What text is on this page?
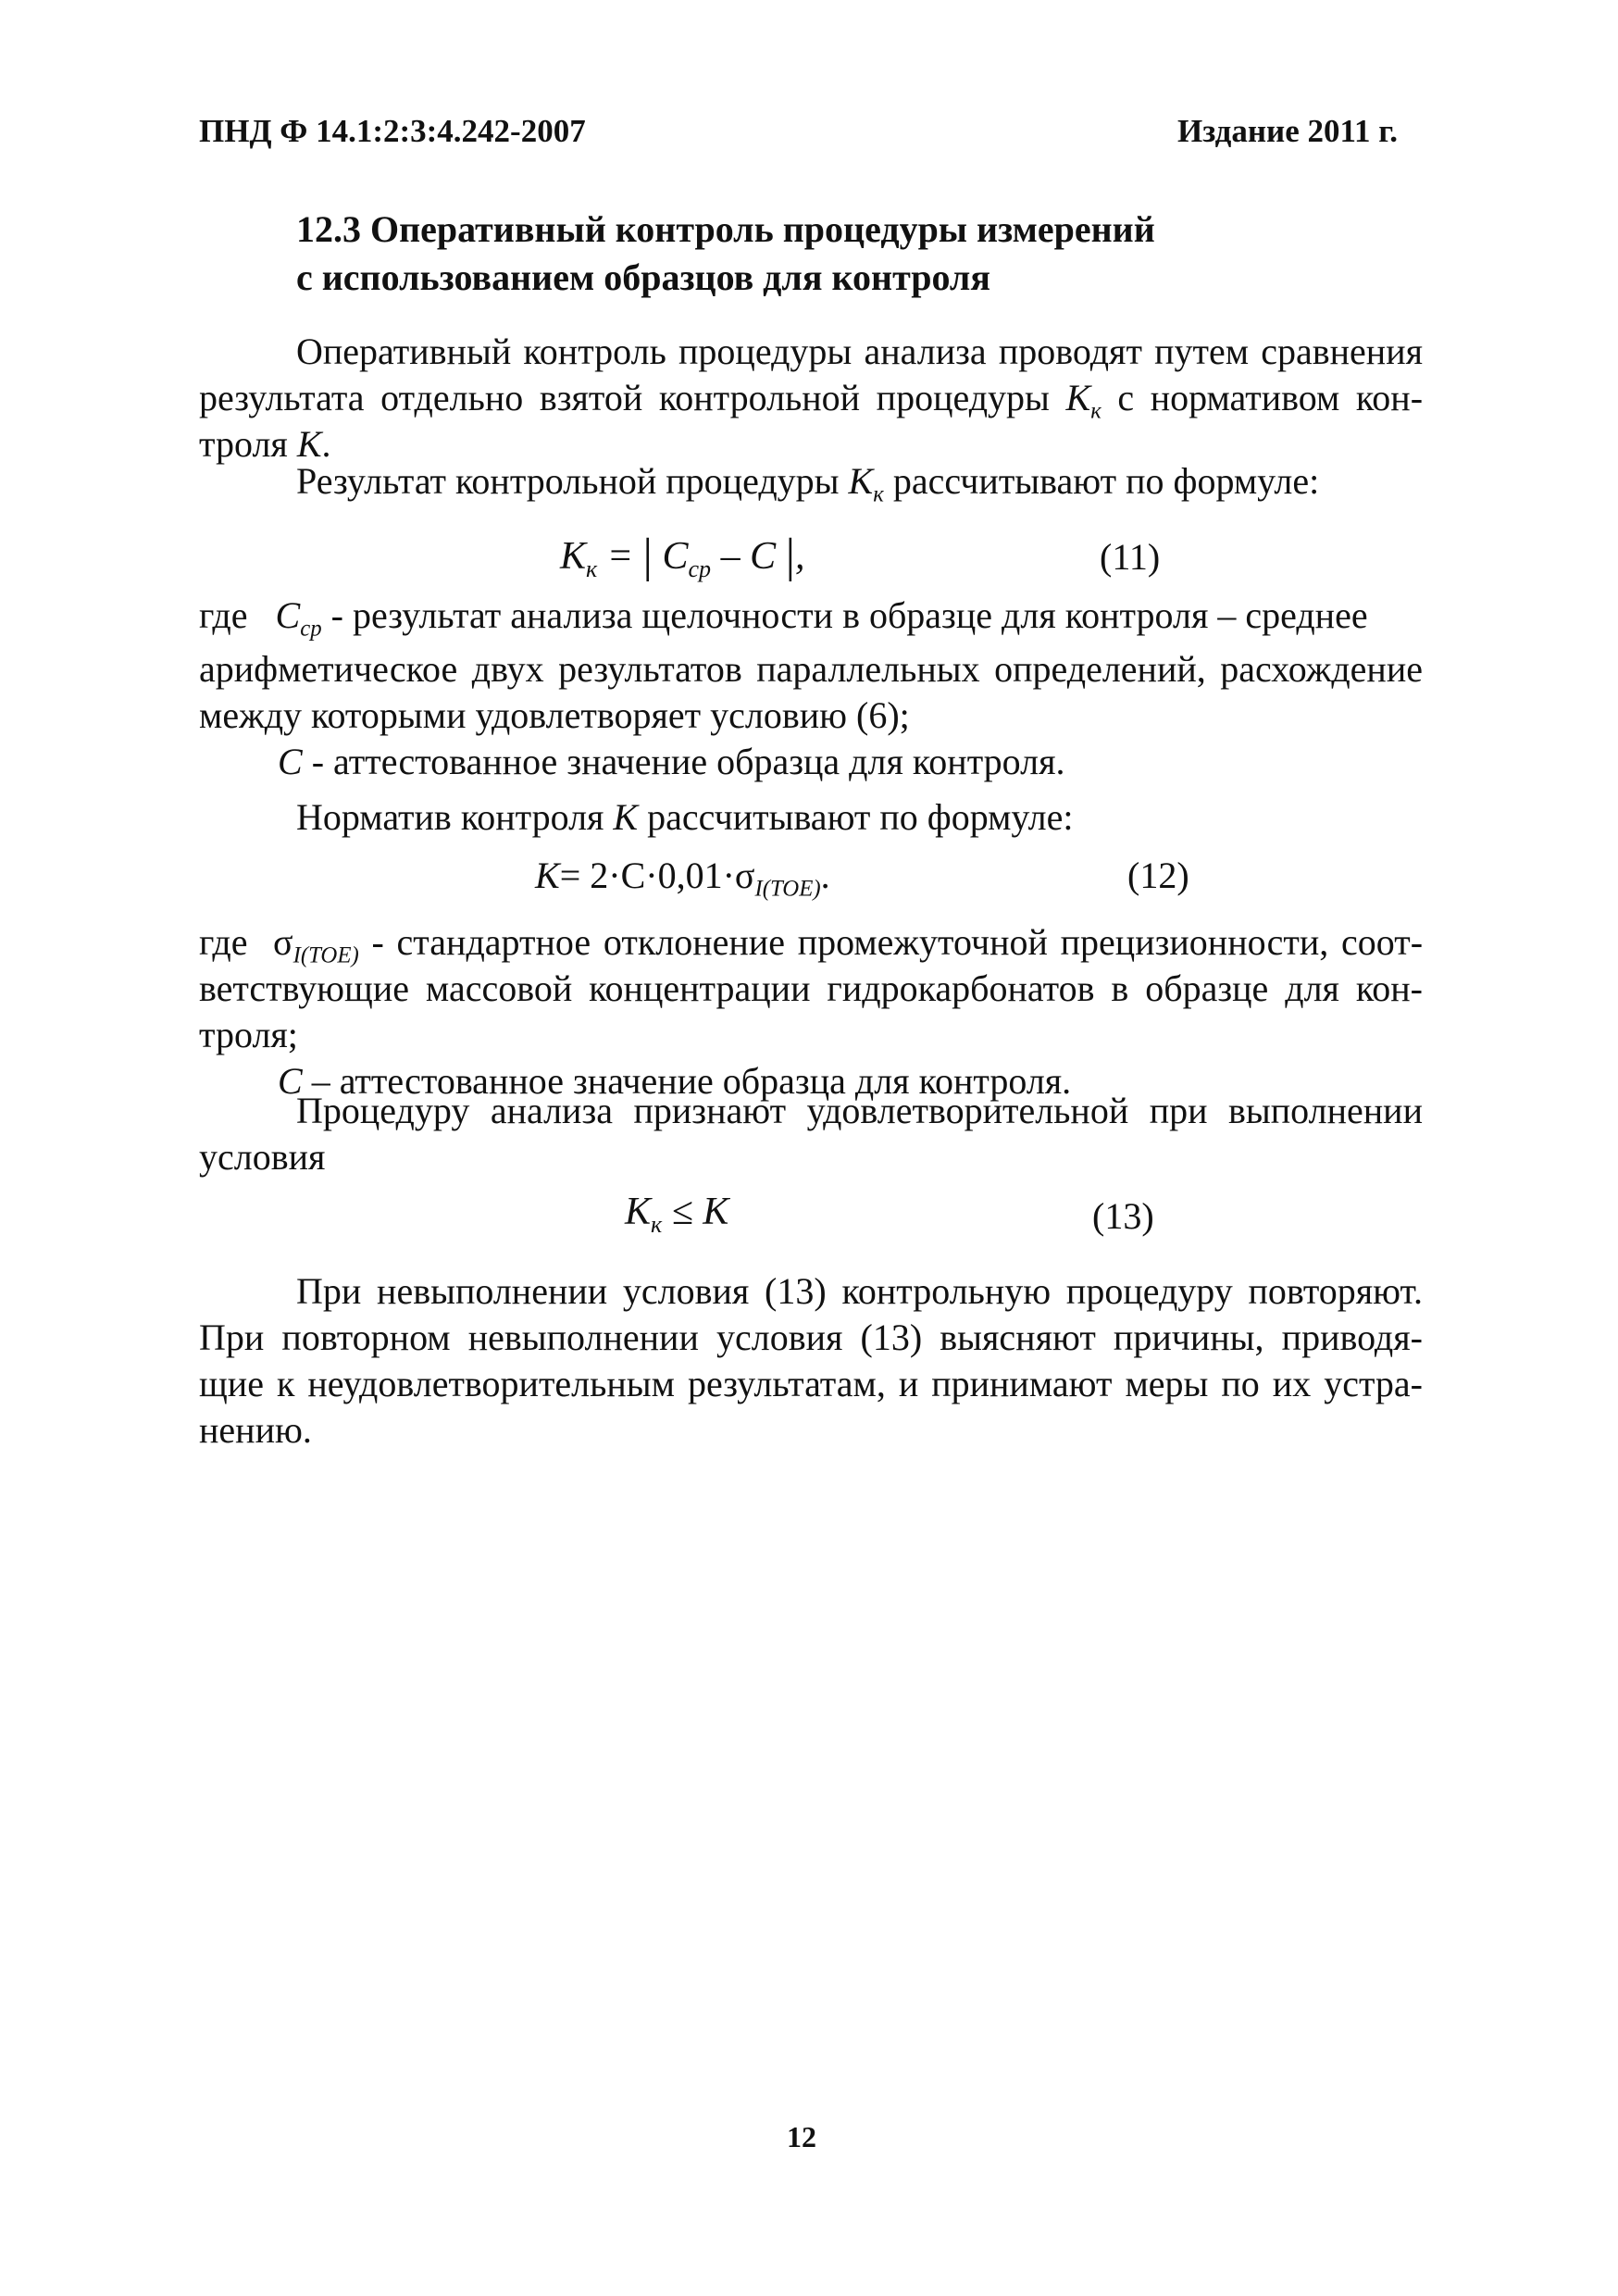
ПНД Ф 14.1:2:3:4.242-2007	Издание 2011 г.
12.3 Оперативный контроль процедуры измерений
с использованием образцов для контроля
Оперативный контроль процедуры анализа проводят путем сравнения
результата отдельно взятой контрольной процедуры $K_к$ с нормативом кон-
троля K.
Результат контрольной процедуры $K_к$ рассчитывают по формуле:
$K_к$ = | $C_{ср}$ – C |,	(11)
где $C_{ср}$ - результат анализа щелочности в образце для контроля – среднее
арифметическое двух результатов параллельных определений, расхождение
между которыми удовлетворяет условию (6);
C - аттестованное значение образца для контроля.
Норматив контроля K рассчитывают по формуле:
$K= 2\cdot C\cdot 0,01\cdot\sigma_{I(TOE)}$.	(12)
где  $\sigma_{I(TOE)}$ - стандартное отклонение промежуточной прецизионности, соот-
ветствующие массовой концентрации гидрокарбонатов в образце для кон-
троля;
C – аттестованное значение образца для контроля.
Процедуру анализа признают удовлетворительной при выполнении
условия
$K_к \le K$	(13)
При невыполнении условия (13) контрольную процедуру повторяют.
При повторном невыполнении условия (13) выясняют причины, приводя-
щие к неудовлетворительным результатам, и принимают меры по их устра-
нению.
12
